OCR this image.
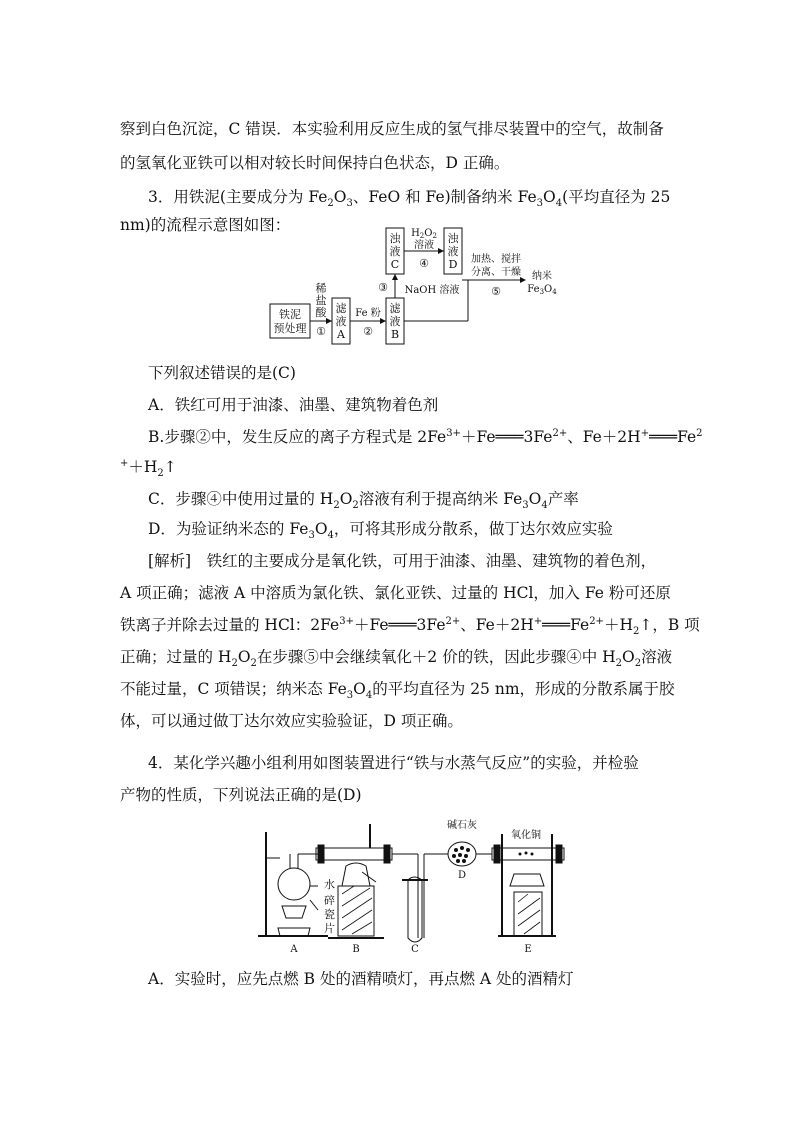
察到白色沉淀，C 错误．本实验利用反应生成的氢气排尽装置中的空气，故制备
的氢氧化亚铁可以相对较长时间保持白色状态，D 正确。
3．用铁泥(主要成分为 $Fe_2O_3$、FeO 和 Fe)制备纳米 $Fe_3O_4$(平均直径为 25
nm)的流程示意图如图：
铁泥
预处理
稀
盐
酸
①
滤
液
A
Fe 粉
②
滤
液
B
③ NaOH 溶液
浊
液
C
$H_2O_2$
溶液
④
浊
液
D 加热、搅拌
分离、干燥
⑤
纳米
$Fe_3O_4$
下列叙述错误的是(C)
A．铁红可用于油漆、油墨、建筑物着色剂
B.步骤②中，发生反应的离子方程式是 $2Fe^{3+}+Fe═══3Fe^{2+}$、$Fe+2H^+═══Fe^2$
$^++H_2↑$
C．步骤④中使用过量的 $H_2O_2$溶液有利于提高纳米 $Fe_3O_4$产率
D．为验证纳米态的 $Fe_3O_4$，可将其形成分散系，做丁达尔效应实验
[解析]　铁红的主要成分是氧化铁，可用于油漆、油墨、建筑物的着色剂，
A 项正确；滤液 A 中溶质为氯化铁、氯化亚铁、过量的 HCl，加入 Fe 粉可还原
铁离子并除去过量的 HCl：$2Fe^{3+}+Fe═══3Fe^{2+}$、$Fe+2H^+═══Fe^{2+}+H_2↑$，B 项
正确；过量的 $H_2O_2$在步骤⑤中会继续氧化＋2 价的铁，因此步骤④中 $H_2O_2$溶液
不能过量，C 项错误；纳米态 $Fe_3O_4$的平均直径为 25 nm，形成的分散系属于胶
体，可以通过做丁达尔效应实验验证，D 项正确。
4．某化学兴趣小组利用如图装置进行“铁与水蒸气反应”的实验，并检验
产物的性质，下列说法正确的是(D)
水
碎
瓷
片
碱石灰
氧化铜
A	B	C
D
E
A．实验时，应先点燃 B 处的酒精喷灯，再点燃 A 处的酒精灯
